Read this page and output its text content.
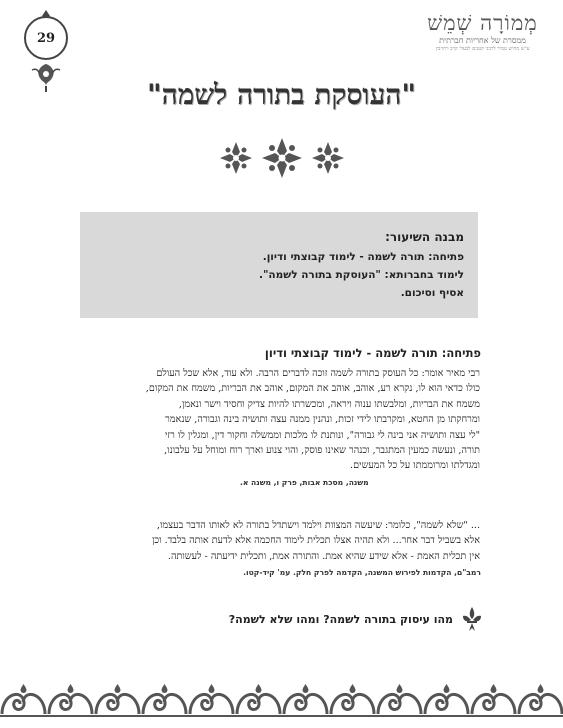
29
מְמוֹרָה שְׁמֵשׁ
ממסרת של אחריות חברתית
ע"ש מחיש טמיר לרבני קטנים לבעלי קרב ויחויבין
"העוסקת בתורה לשמה"
מבנה השיעור:
פתיחה: תורה לשמה - לימוד קבוצתי ודיון.
לימוד בחברותא: "העוסקת בתורה לשמה".
אסיף וסיכום.
פתיחה: תורה לשמה - לימוד קבוצתי ודיון
רבי מאיר אומר: כל העוסק בתורה לשמה זוכה לדברים הרבה. ולא עוד, אלא שכל העולם
כולו כדאי הוא לו, נקרא רע, אוהב, אוהב את המקום, אוהב את הבריות, משמח את המקום,
משמח את הבריות, ומלבשתו ענוה ויראה, ומכשרתו להיות צדיק וחסיד וישר ונאמן,
ומרחקתו מן החטא, ומקרבתו לידי זכות, ונהנין ממנה עצה ותושיה בינה וגבורה, שנאמר
"לי עצה ותושיה אני בינה לי גבורה", ונותנת לו מלכות וממשלה וחקור דין, ומגלין לו רזי
תורה, ונעשה כמעין המתגבר, וכנהר שאינו פוסק, והוי צנוע וארך רוח ומוחל על עלבונו,
ומגדלתו ומרוממתו על כל המעשים.
משנה, מסכת אבות, פרק ו, משנה א.
... "שלא לשמה", כלומר: שיעשה המצוות וילמד וישתדל בתורה לא לאותו הדבר בעצמו,
אלא בשביל דבר אחר... ולא תהיה אצלו תכלית לימוד החכמה אלא לדעת אותה בלבד. וכן
אין תכלית האמת - אלא שידע שהיא אמת. והתורה אמת, ותכלית ידיעתה - לעשותה.
רמב"ם, הקדמות לפירוש המשנה, הקדמה לפרק חלק. עמ' קיד-קטו.
מהו עיסוק בתורה לשמה? ומהו שלא לשמה?
